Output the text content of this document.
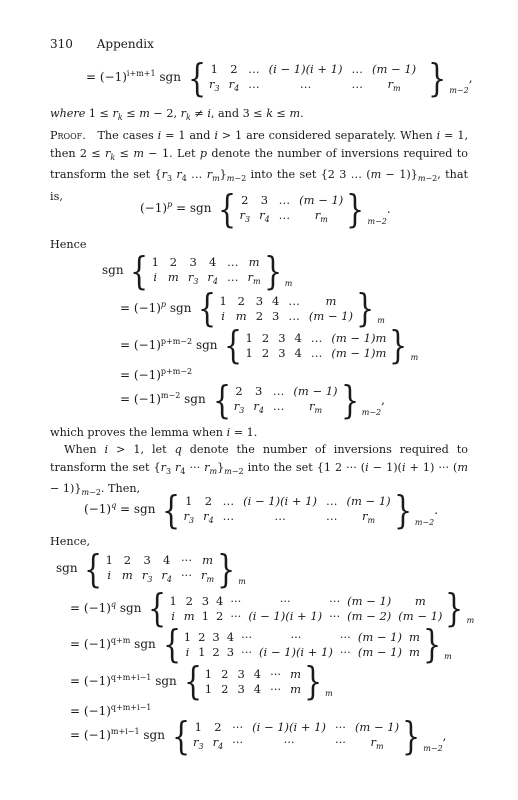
310 Appendix
= $(-1)^{i+m+1}$ sgn { 1 2 … (i − 1)(i + 1) … (m − 1)
$r_3$ $r_4$ …	…	…	$r_m$ } m−2
,
where $1 \le r_k \le m - 2$, $r_k \ne i$, and 3 ≤ k ≤ m.
Proof.   The cases i = 1 and i > 1 are considered separately. When i = 1, then $2 \le r_k \le m - 1$. Let p denote the number of inversions required to transform the set {$r_3$ $r_4$ … $r_m\}_{m-2}$ into the set {2 3 … $(m - 1)\}_{m-2}$, that is,
$(-1)^p$ = sgn { 2 3 … (m − 1)
$r_3$ $r_4$ …	$r_m$ } m−2
.
Hence
sgn { 1 2 3 4 … m
i m $r_3$ $r_4$ … $r_m$ } m
= $(-1)^p$ sgn { 1 2 3 4 …	m
i m 2 3 … (m − 1) } m
= $(-1)^{p+m-2}$ sgn { 1 2 3 4 … (m − 1)m
1 2 3 4 … (m − 1)m } m
= $(-1)^{p+m-2}$
= $(-1)^{m-2}$ sgn { 2 3 … (m − 1)
$r_3$ $r_4$ …	$r_m$ } m−2
,
which proves the lemma when i = 1.
When i > 1, let q denote the number of inversions required to transform the set {$r_3$ $r_4$ ··· $r_m\}_{m-2}$ into the set {1 2 ··· (i − 1)(i + 1) ··· $(m - 1)\}_{m-2}$. Then,
$(-1)^q$ = sgn { 1 2 … (i − 1)(i + 1) … (m − 1)
$r_3$ $r_4$ …	…	…	$r_m$ } m−2
.
Hence,
sgn { 1 2 3 4 ··· m
i m $r_3$ $r_4$ ··· $r_m$ } m
= $(-1)^q$ sgn { 1 2 3 4 ···	···	··· (m − 1)	m
i m 1 2 ··· (i − 1)(i + 1) ··· (m − 2) (m − 1) } m
= $(-1)^{q+m}$ sgn { 1 2 3 4 ···	···	··· (m − 1) m
i 1 2 3 ··· (i − 1)(i + 1) ··· (m − 1) m } m
= $(-1)^{q+m+i-1}$ sgn { 1 2 3 4 ··· m
1 2 3 4 ··· m } m
= $(-1)^{q+m+i-1}$
= $(-1)^{m+i-1}$ sgn { 1 2 ··· (i − 1)(i + 1) ··· (m − 1)
$r_3$ $r_4$ ···	···	···	$r_m$ } m−2
,
